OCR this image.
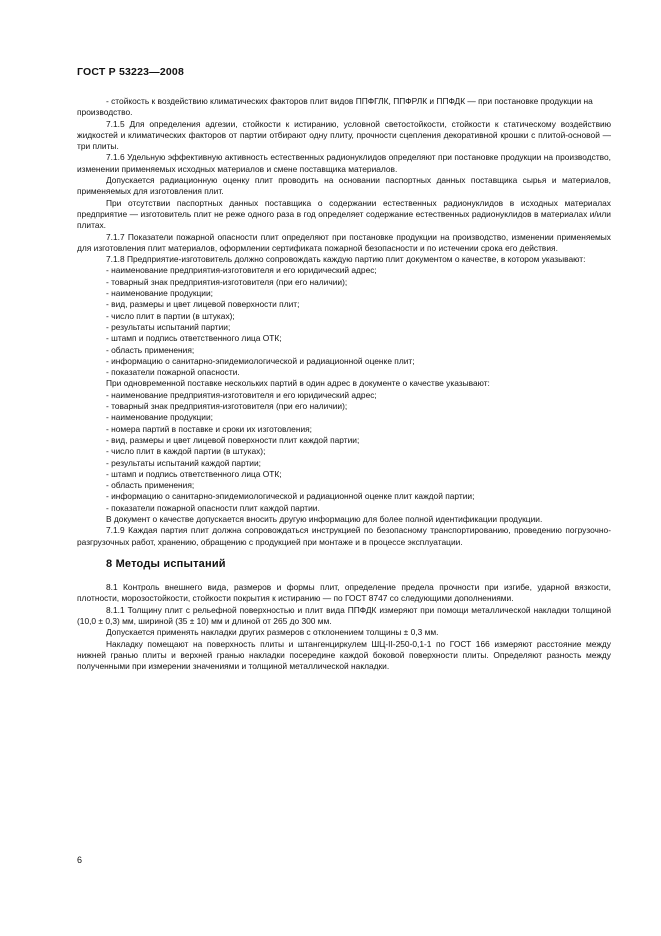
ГОСТ Р 53223—2008

- стойкость к воздействию климатических факторов плит видов ППФГЛК, ППФРЛК и ППФДК — при постановке продукции на производство.

7.1.5 Для определения адгезии, стойкости к истиранию, условной светостойкости, стойкости к статическому воздействию жидкостей и климатических факторов от партии отбирают одну плиту, прочности сцепления декоративной крошки с плитой-основой — три плиты.

7.1.6 Удельную эффективную активность естественных радионуклидов определяют при постановке продукции на производство, изменении применяемых исходных материалов и смене поставщика материалов.

Допускается радиационную оценку плит проводить на основании паспортных данных поставщика сырья и материалов, применяемых для изготовления плит.

При отсутствии паспортных данных поставщика о содержании естественных радионуклидов в исходных материалах предприятие — изготовитель плит не реже одного раза в год определяет содержание естественных радионуклидов в материалах и/или плитах.

7.1.7 Показатели пожарной опасности плит определяют при постановке продукции на производство, изменении применяемых для изготовления плит материалов, оформлении сертификата пожарной безопасности и по истечении срока его действия.

7.1.8 Предприятие-изготовитель должно сопровождать каждую партию плит документом о качестве, в котором указывают:

- наименование предприятия-изготовителя и его юридический адрес;

- товарный знак предприятия-изготовителя (при его наличии);

- наименование продукции;

- вид, размеры и цвет лицевой поверхности плит;

- число плит в партии (в штуках);

- результаты испытаний партии;

- штамп и подпись ответственного лица ОТК;

- область применения;

- информацию о санитарно-эпидемиологической и радиационной оценке плит;

- показатели пожарной опасности.

При одновременной поставке нескольких партий в один адрес в документе о качестве указывают:

- наименование предприятия-изготовителя и его юридический адрес;

- товарный знак предприятия-изготовителя (при его наличии);

- наименование продукции;

- номера партий в поставке и сроки их изготовления;

- вид, размеры и цвет лицевой поверхности плит каждой партии;

- число плит в каждой партии (в штуках);

- результаты испытаний каждой партии;

- штамп и подпись ответственного лица ОТК;

- область применения;

- информацию о санитарно-эпидемиологической и радиационной оценке плит каждой партии;

- показатели пожарной опасности плит каждой партии.

В документ о качестве допускается вносить другую информацию для более полной идентификации продукции.

7.1.9 Каждая партия плит должна сопровождаться инструкцией по безопасному транспортированию, проведению погрузочно-разгрузочных работ, хранению, обращению с продукцией при монтаже и в процессе эксплуатации.

8 Методы испытаний

8.1 Контроль внешнего вида, размеров и формы плит, определение предела прочности при изгибе, ударной вязкости, плотности, морозостойкости, стойкости покрытия к истиранию — по ГОСТ 8747 со следующими дополнениями.

8.1.1 Толщину плит с рельефной поверхностью и плит вида ППФДК измеряют при помощи металлической накладки толщиной (10,0 ± 0,3) мм, шириной (35 ± 10) мм и длиной от 265 до 300 мм.

Допускается применять накладки других размеров с отклонением толщины ± 0,3 мм.

Накладку помещают на поверхность плиты и штангенциркулем ШЦ-II-250-0,1-1 по ГОСТ 166 измеряют расстояние между нижней гранью плиты и верхней гранью накладки посередине каждой боковой поверхности плиты. Определяют разность между полученными при измерении значениями и толщиной металлической накладки.

6
